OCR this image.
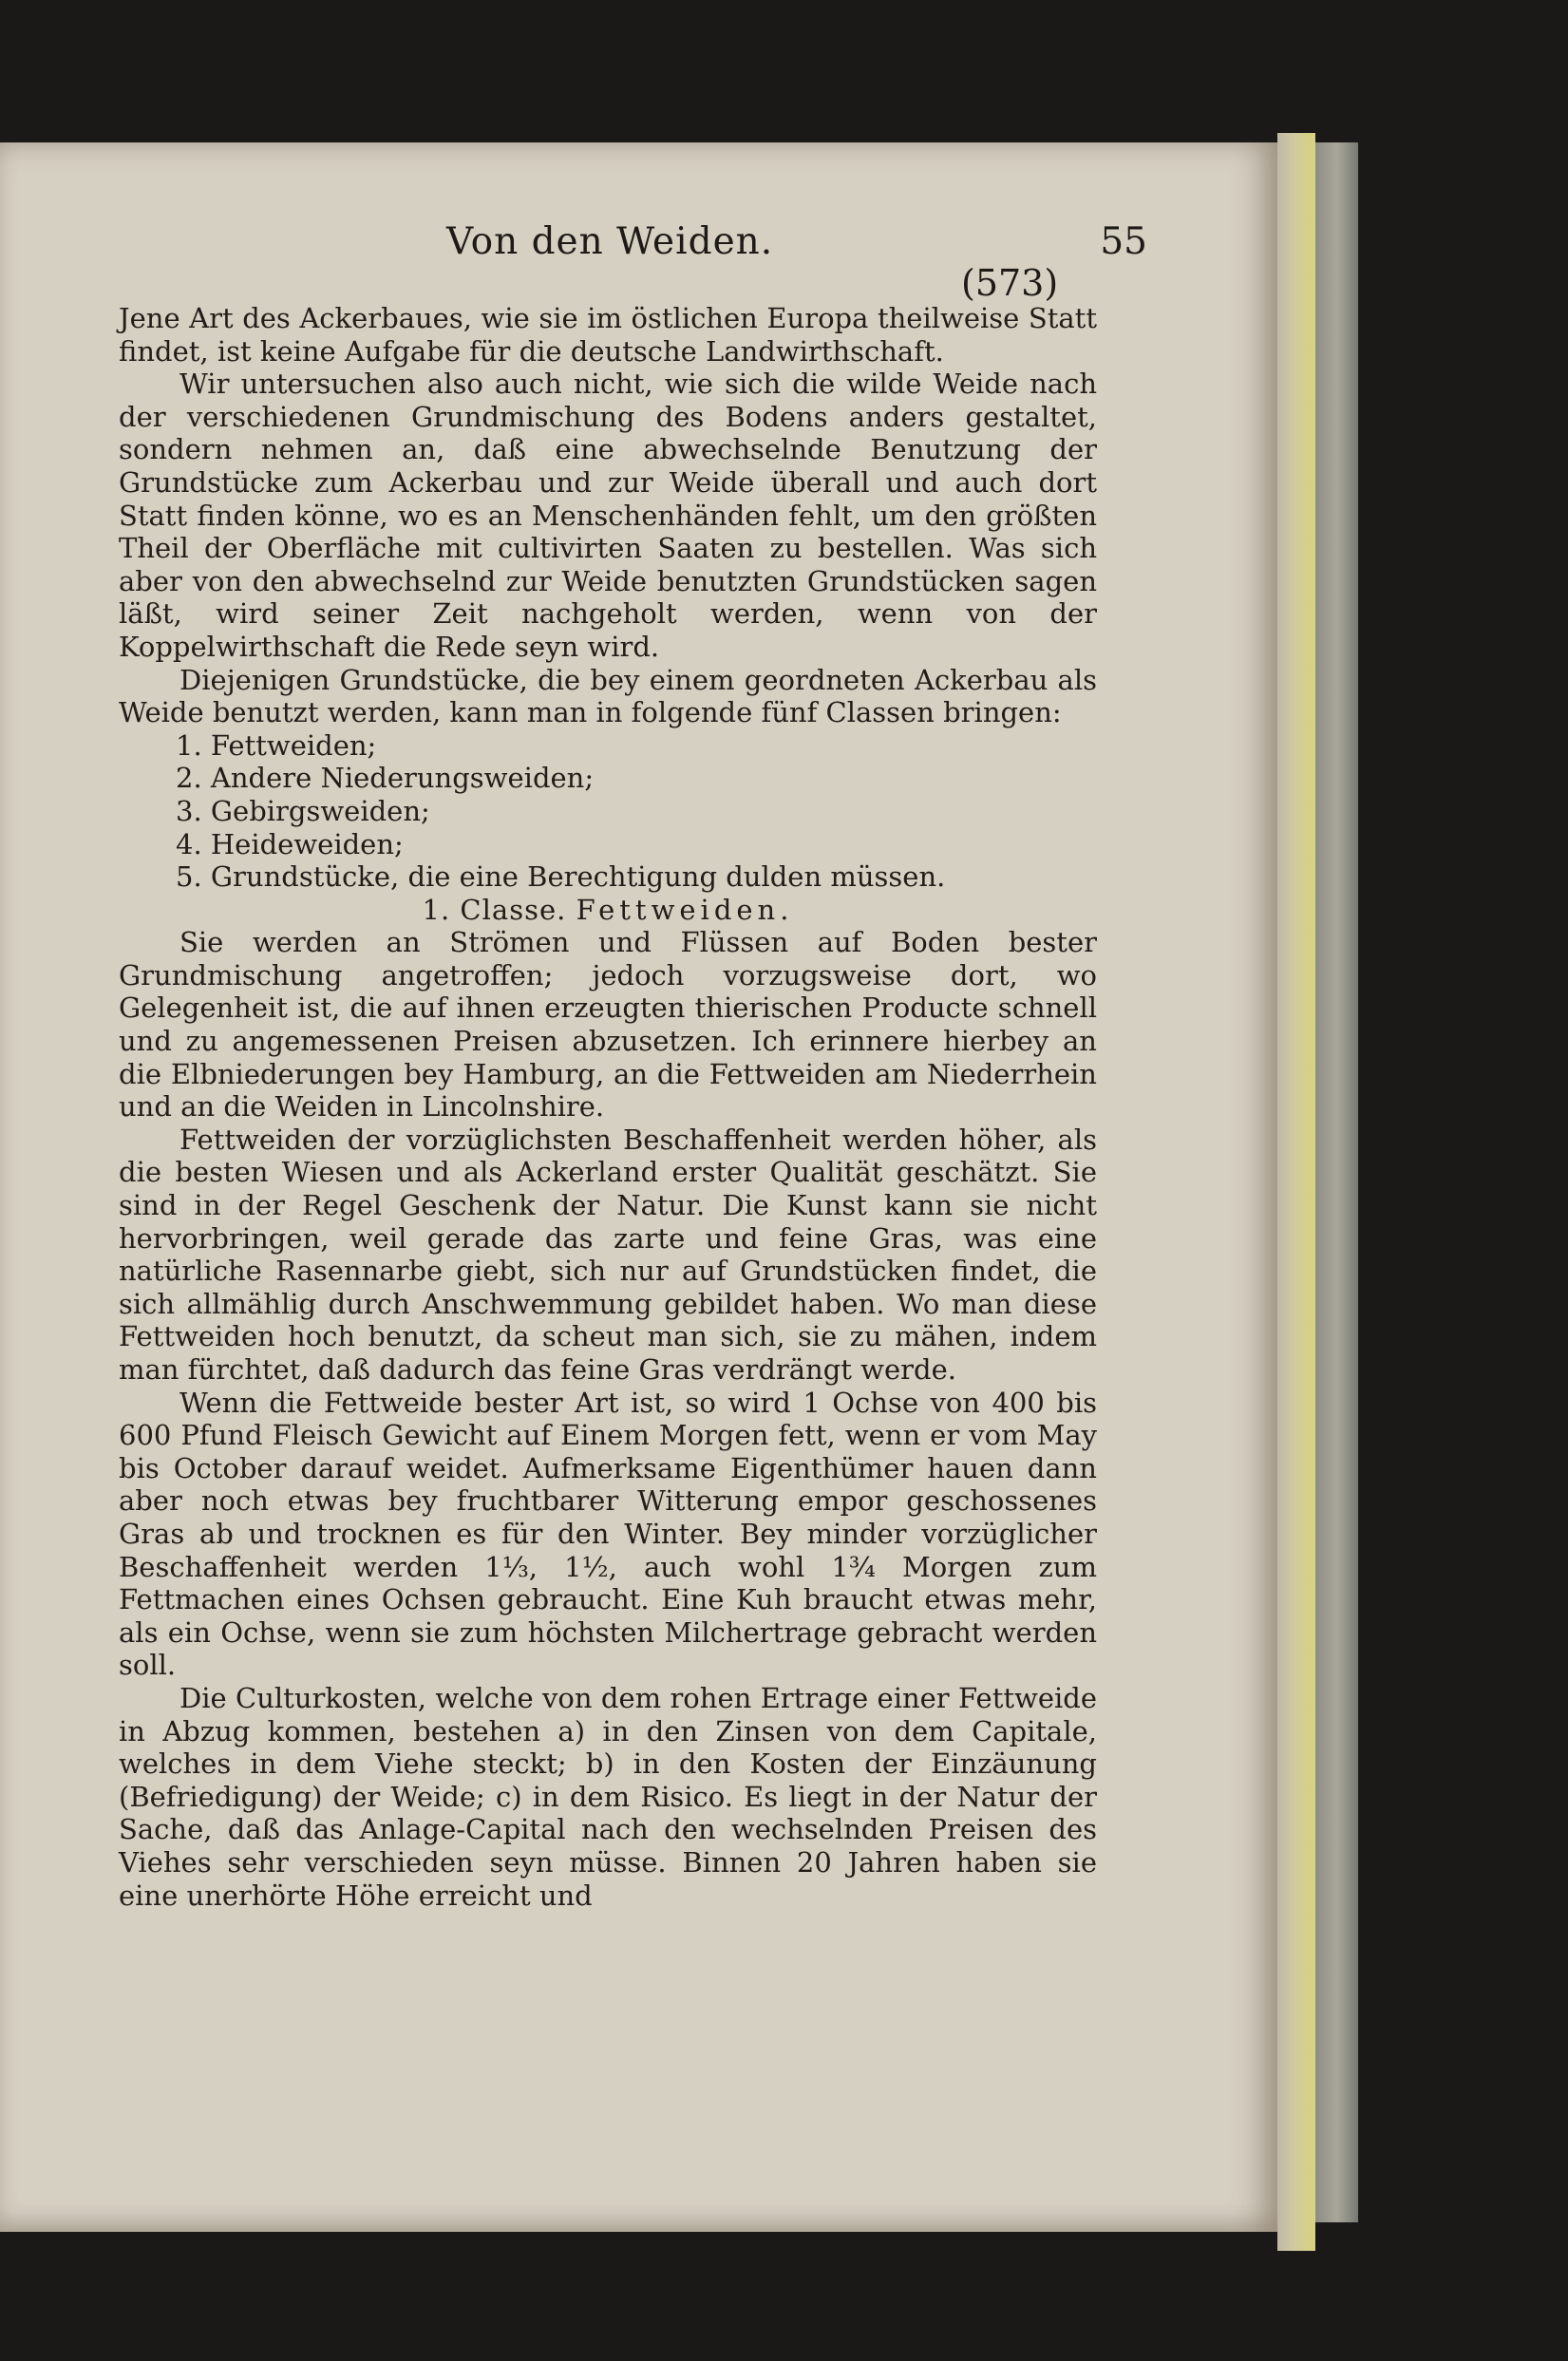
Von den Weiden.	55
(573)

Jene Art des Ackerbaues, wie sie im östlichen Europa theilweise Statt findet, ist keine Aufgabe für die deutsche Landwirthschaft.

Wir untersuchen also auch nicht, wie sich die wilde Weide nach der verschiedenen Grundmischung des Bodens anders gestaltet, sondern nehmen an, daß eine abwechselnde Benutzung der Grundstücke zum Ackerbau und zur Weide überall und auch dort Statt finden könne, wo es an Menschenhänden fehlt, um den größten Theil der Oberfläche mit cultivirten Saaten zu bestellen. Was sich aber von den abwechselnd zur Weide benutzten Grundstücken sagen läßt, wird seiner Zeit nachgeholt werden, wenn von der Koppelwirthschaft die Rede seyn wird.

Diejenigen Grundstücke, die bey einem geordneten Ackerbau als Weide benutzt werden, kann man in folgende fünf Classen bringen:

1. Fettweiden;
2. Andere Niederungsweiden;
3. Gebirgsweiden;
4. Heideweiden;
5. Grundstücke, die eine Berechtigung dulden müssen.

1. Classe. Fettweiden.

Sie werden an Strömen und Flüssen auf Boden bester Grundmischung angetroffen; jedoch vorzugsweise dort, wo Gelegenheit ist, die auf ihnen erzeugten thierischen Producte schnell und zu angemessenen Preisen abzusetzen. Ich erinnere hierbey an die Elbniederungen bey Hamburg, an die Fettweiden am Niederrhein und an die Weiden in Lincolnshire.

Fettweiden der vorzüglichsten Beschaffenheit werden höher, als die besten Wiesen und als Ackerland erster Qualität geschätzt. Sie sind in der Regel Geschenk der Natur. Die Kunst kann sie nicht hervorbringen, weil gerade das zarte und feine Gras, was eine natürliche Rasennarbe giebt, sich nur auf Grundstücken findet, die sich allmählig durch Anschwemmung gebildet haben. Wo man diese Fettweiden hoch benutzt, da scheut man sich, sie zu mähen, indem man fürchtet, daß dadurch das feine Gras verdrängt werde.

Wenn die Fettweide bester Art ist, so wird 1 Ochse von 400 bis 600 Pfund Fleisch Gewicht auf Einem Morgen fett, wenn er vom May bis October darauf weidet. Aufmerksame Eigenthümer hauen dann aber noch etwas bey fruchtbarer Witterung empor geschossenes Gras ab und trocknen es für den Winter. Bey minder vorzüglicher Beschaffenheit werden 1⅓, 1½, auch wohl 1¾ Morgen zum Fettmachen eines Ochsen gebraucht. Eine Kuh braucht etwas mehr, als ein Ochse, wenn sie zum höchsten Milchertrage gebracht werden soll.

Die Culturkosten, welche von dem rohen Ertrage einer Fettweide in Abzug kommen, bestehen a) in den Zinsen von dem Capitale, welches in dem Viehe steckt; b) in den Kosten der Einzäunung (Befriedigung) der Weide; c) in dem Risico. Es liegt in der Natur der Sache, daß das Anlage-Capital nach den wechselnden Preisen des Viehes sehr verschieden seyn müsse. Binnen 20 Jahren haben sie eine unerhörte Höhe erreicht und
